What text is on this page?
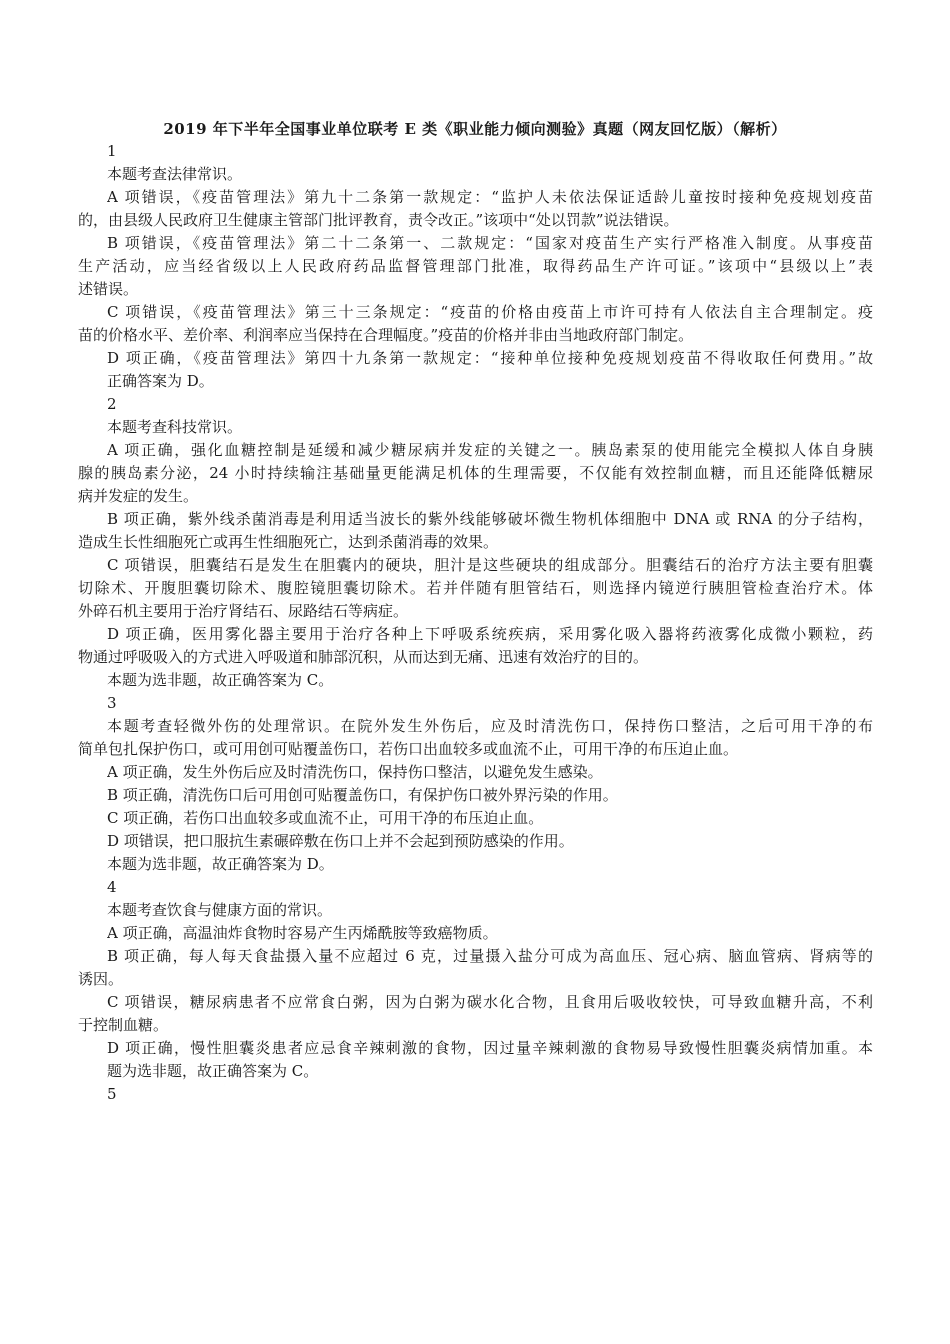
2019 年下半年全国事业单位联考 E 类《职业能力倾向测验》真题（网友回忆版）（解析）
1
本题考查法律常识。
A 项错误，《疫苗管理法》第九十二条第一款规定：“监护人未依法保证适龄儿童按时接种免疫规划疫苗
的，由县级人民政府卫生健康主管部门批评教育，责令改正。”该项中“处以罚款”说法错误。
B 项错误，《疫苗管理法》第二十二条第一、二款规定：“国家对疫苗生产实行严格准入制度。从事疫苗
生产活动，应当经省级以上人民政府药品监督管理部门批准，取得药品生产许可证。”该项中“县级以上”表
述错误。
C 项错误，《疫苗管理法》第三十三条规定：“疫苗的价格由疫苗上市许可持有人依法自主合理制定。疫
苗的价格水平、差价率、利润率应当保持在合理幅度。”疫苗的价格并非由当地政府部门制定。
D 项正确，《疫苗管理法》第四十九条第一款规定：“接种单位接种免疫规划疫苗不得收取任何费用。”故
正确答案为 D。
2
本题考查科技常识。
A 项正确，强化血糖控制是延缓和减少糖尿病并发症的关键之一。胰岛素泵的使用能完全模拟人体自身胰
腺的胰岛素分泌，24 小时持续输注基础量更能满足机体的生理需要，不仅能有效控制血糖，而且还能降低糖尿
病并发症的发生。
B 项正确，紫外线杀菌消毒是利用适当波长的紫外线能够破坏微生物机体细胞中 DNA 或 RNA 的分子结构，
造成生长性细胞死亡或再生性细胞死亡，达到杀菌消毒的效果。
C 项错误，胆囊结石是发生在胆囊内的硬块，胆汁是这些硬块的组成部分。胆囊结石的治疗方法主要有胆囊
切除术、开腹胆囊切除术、腹腔镜胆囊切除术。若并伴随有胆管结石，则选择内镜逆行胰胆管检查治疗术。体
外碎石机主要用于治疗肾结石、尿路结石等病症。
D 项正确，医用雾化器主要用于治疗各种上下呼吸系统疾病，采用雾化吸入器将药液雾化成微小颗粒，药
物通过呼吸吸入的方式进入呼吸道和肺部沉积，从而达到无痛、迅速有效治疗的目的。
本题为选非题，故正确答案为 C。
3
本题考查轻微外伤的处理常识。在院外发生外伤后，应及时清洗伤口，保持伤口整洁，之后可用干净的布
简单包扎保护伤口，或可用创可贴覆盖伤口，若伤口出血较多或血流不止，可用干净的布压迫止血。
A 项正确，发生外伤后应及时清洗伤口，保持伤口整洁，以避免发生感染。
B 项正确，清洗伤口后可用创可贴覆盖伤口，有保护伤口被外界污染的作用。
C 项正确，若伤口出血较多或血流不止，可用干净的布压迫止血。
D 项错误，把口服抗生素碾碎敷在伤口上并不会起到预防感染的作用。
本题为选非题，故正确答案为 D。
4
本题考查饮食与健康方面的常识。
A 项正确，高温油炸食物时容易产生丙烯酰胺等致癌物质。
B 项正确，每人每天食盐摄入量不应超过 6 克，过量摄入盐分可成为高血压、冠心病、脑血管病、肾病等的
诱因。
C 项错误，糖尿病患者不应常食白粥，因为白粥为碳水化合物，且食用后吸收较快，可导致血糖升高，不利
于控制血糖。
D 项正确，慢性胆囊炎患者应忌食辛辣刺激的食物，因过量辛辣刺激的食物易导致慢性胆囊炎病情加重。本
题为选非题，故正确答案为 C。
5
